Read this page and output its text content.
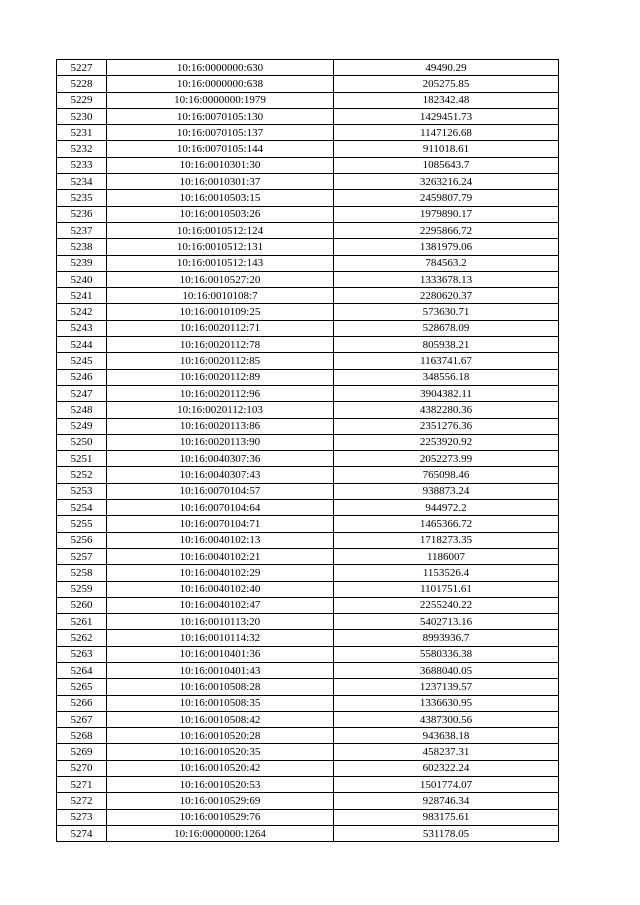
5227	10:16:0000000:630	49490.29
5228	10:16:0000000:638	205275.85
5229	10:16:0000000:1979	182342.48
5230	10:16:0070105:130	1429451.73
5231	10:16:0070105:137	1147126.68
5232	10:16:0070105:144	911018.61
5233	10:16:0010301:30	1085643.7
5234	10:16:0010301:37	3263216.24
5235	10:16:0010503:15	2459807.79
5236	10:16:0010503:26	1979890.17
5237	10:16:0010512:124	2295866.72
5238	10:16:0010512:131	1381979.06
5239	10:16:0010512:143	784563.2
5240	10:16:0010527:20	1333678.13
5241	10:16:0010108:7	2280620.37
5242	10:16:0010109:25	573630.71
5243	10:16:0020112:71	528678.09
5244	10:16:0020112:78	805938.21
5245	10:16:0020112:85	1163741.67
5246	10:16:0020112:89	348556.18
5247	10:16:0020112:96	3904382.11
5248	10:16:0020112:103	4382280.36
5249	10:16:0020113:86	2351276.36
5250	10:16:0020113:90	2253920.92
5251	10:16:0040307:36	2052273.99
5252	10:16:0040307:43	765098.46
5253	10:16:0070104:57	938873.24
5254	10:16:0070104:64	944972.2
5255	10:16:0070104:71	1465366.72
5256	10:16:0040102:13	1718273.35
5257	10:16:0040102:21	1186007
5258	10:16:0040102:29	1153526.4
5259	10:16:0040102:40	1101751.61
5260	10:16:0040102:47	2255240.22
5261	10:16:0010113:20	5402713.16
5262	10:16:0010114:32	8993936.7
5263	10:16:0010401:36	5580336.38
5264	10:16:0010401:43	3688040.05
5265	10:16:0010508:28	1237139.57
5266	10:16:0010508:35	1336630.95
5267	10:16:0010508:42	4387300.56
5268	10:16:0010520:28	943638.18
5269	10:16:0010520:35	458237.31
5270	10:16:0010520:42	602322.24
5271	10:16:0010520:53	1501774.07
5272	10:16:0010529:69	928746.34
5273	10:16:0010529:76	983175.61
5274	10:16:0000000:1264	531178.05
